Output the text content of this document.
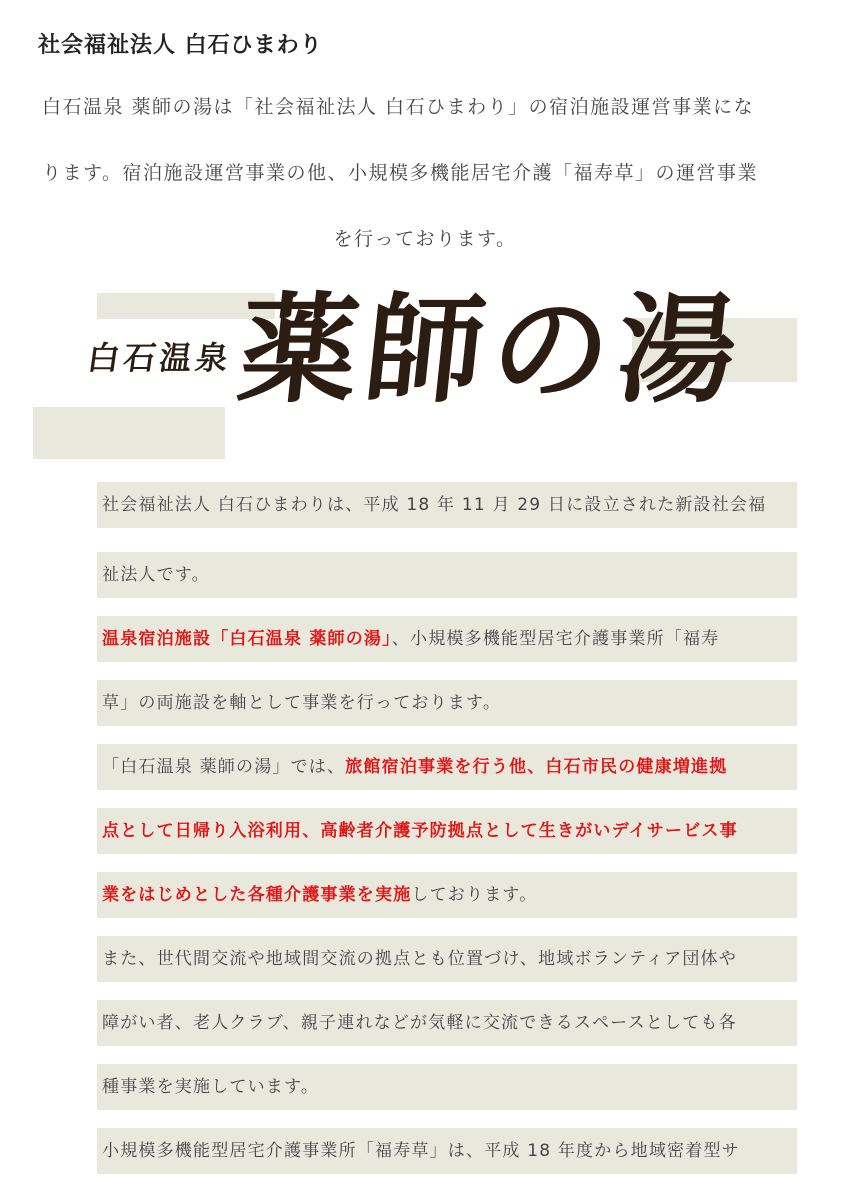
社会福祉法人 白石ひまわり
白石温泉 薬師の湯は「社会福祉法人 白石ひまわり」の宿泊施設運営事業にな
ります。宿泊施設運営事業の他、小規模多機能居宅介護「福寿草」の運営事業
を行っております。
白石温泉
薬師の湯
社会福祉法人 白石ひまわりは、平成 18 年 11 月 29 日に設立された新設社会福
祉法人です。
温泉宿泊施設「白石温泉 薬師の湯」、小規模多機能型居宅介護事業所「福寿
草」の両施設を軸として事業を行っております。
「白石温泉 薬師の湯」では、旅館宿泊事業を行う他、白石市民の健康増進拠
点として日帰り入浴利用、高齢者介護予防拠点として生きがいデイサービス事
業をはじめとした各種介護事業を実施しております。
また、世代間交流や地域間交流の拠点とも位置づけ、地域ボランティア団体や
障がい者、老人クラブ、親子連れなどが気軽に交流できるスペースとしても各
種事業を実施しています。
小規模多機能型居宅介護事業所「福寿草」は、平成 18 年度から地域密着型サ
